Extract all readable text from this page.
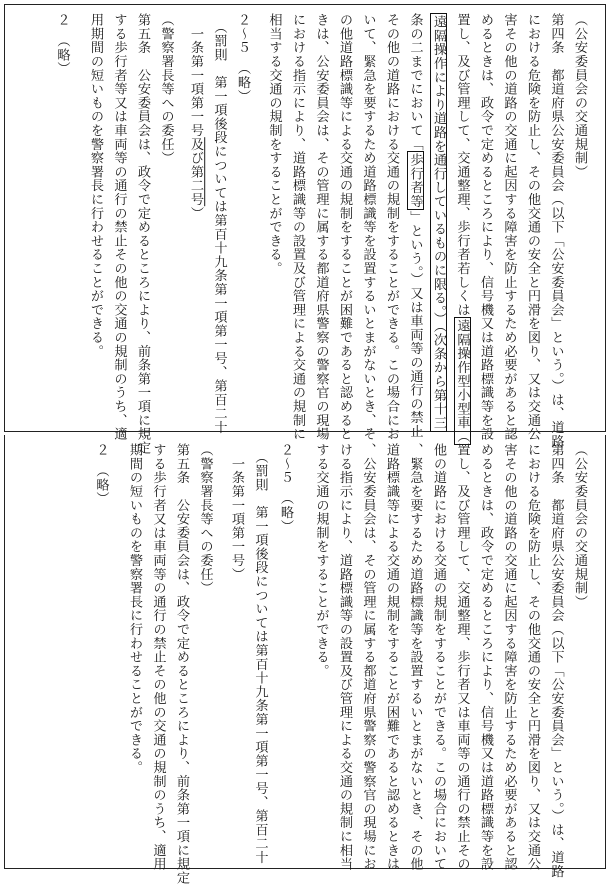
（公安委員会の交通規制）
第四条　都道府県公安委員会（以下「公安委員会」という。）は、道路
における危険を防止し、その他交通の安全と円滑を図り、又は交通公
害その他の道路の交通に起因する障害を防止するため必要があると認
めるときは、政令で定めるところにより、信号機又は道路標識等を設
置し、及び管理して、交通整理、歩行者若しくは遠隔操作型小型車（
遠隔操作により道路を通行しているものに限る。）（次条から第十三
条の二までにおいて「歩行者等」という。）又は車両等の通行の禁止
その他の道路における交通の規制をすることができる。この場合にお
いて、緊急を要するため道路標識等を設置するいとまがないとき、そ
の他道路標識等による交通の規制をすることが困難であると認めると
きは、公安委員会は、その管理に属する都道府県警察の警察官の現場
における指示により、道路標識等の設置及び管理による交通の規制に
相当する交通の規制をすることができる。
２～５　（略）
　（罰則　第一項後段については第百十九条第一項第一号、第百二十
　一条第一項第一号及び第二号）
（警察署長等への委任）
第五条　公安委員会は、政令で定めるところにより、前条第一項に規定
する歩行者等又は車両等の通行の禁止その他の交通の規制のうち、適
用期間の短いものを警察署長に行わせることができる。
２　（略）
（公安委員会の交通規制）
第四条　都道府県公安委員会（以下「公安委員会」という。）は、道路
における危険を防止し、その他交通の安全と円滑を図り、又は交通公
害その他の道路の交通に起因する障害を防止するため必要があると認
めるときは、政令で定めるところにより、信号機又は道路標識等を設
置し、及び管理して、交通整理、歩行者又は車両等の通行の禁止その
他の道路における交通の規制をすることができる。この場合において
、緊急を要するため道路標識等を設置するいとまがないとき、その他
道路標識等による交通の規制をすることが困難であると認めるときは
、公安委員会は、その管理に属する都道府県警察の警察官の現場にお
ける指示により、道路標識等の設置及び管理による交通の規制に相当
する交通の規制をすることができる。
２～５　（略）
　（罰則　第一項後段については第百十九条第一項第一号、第百二十
　一条第一項第一号）
（警察署長等への委任）
第五条　公安委員会は、政令で定めるところにより、前条第一項に規定
する歩行者又は車両等の通行の禁止その他の交通の規制のうち、適用
期間の短いものを警察署長に行わせることができる。
２　（略）
